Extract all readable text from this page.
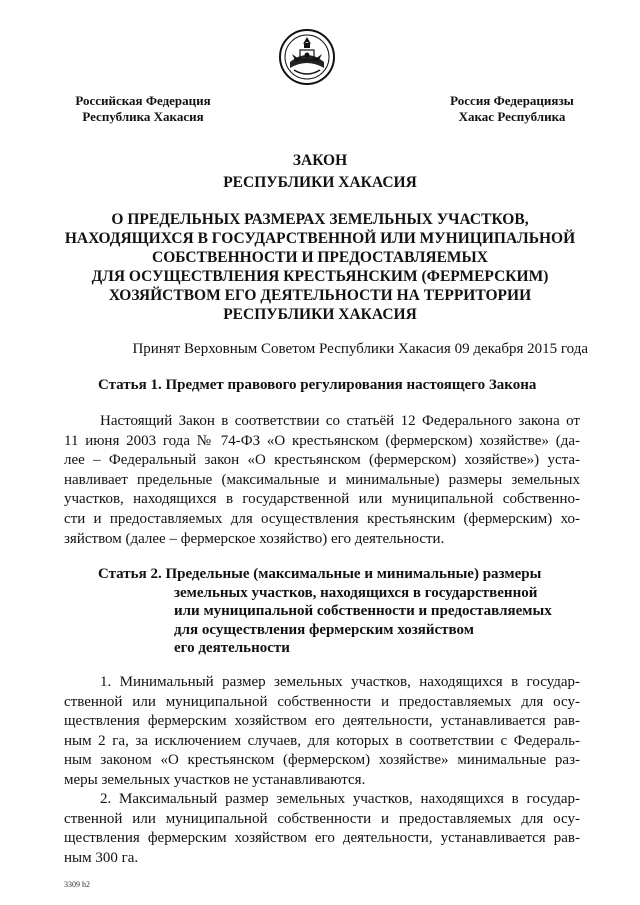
Российская Федерация
Республика Хакасия
Россия Федерациязы
Хакас Республика
ЗАКОН
РЕСПУБЛИКИ ХАКАСИЯ
О ПРЕДЕЛЬНЫХ РАЗМЕРАХ ЗЕМЕЛЬНЫХ УЧАСТКОВ,
НАХОДЯЩИХСЯ В ГОСУДАРСТВЕННОЙ ИЛИ МУНИЦИПАЛЬНОЙ
СОБСТВЕННОСТИ И ПРЕДОСТАВЛЯЕМЫХ
ДЛЯ ОСУЩЕСТВЛЕНИЯ КРЕСТЬЯНСКИМ (ФЕРМЕРСКИМ)
ХОЗЯЙСТВОМ ЕГО ДЕЯТЕЛЬНОСТИ НА ТЕРРИТОРИИ
РЕСПУБЛИКИ ХАКАСИЯ
Принят Верховным Советом Республики Хакасия 09 декабря 2015 года
Статья 1. Предмет правового регулирования настоящего Закона
Настоящий Закон в соответствии со статьёй 12 Федерального закона от
11 июня 2003 года № 74-ФЗ «О крестьянском (фермерском) хозяйстве» (да-
лее – Федеральный закон «О крестьянском (фермерском) хозяйстве») уста-
навливает предельные (максимальные и минимальные) размеры земельных
участков, находящихся в государственной или муниципальной собственно-
сти и предоставляемых для осуществления крестьянским (фермерским) хо-
зяйством (далее – фермерское хозяйство) его деятельности.
Статья 2. Предельные (максимальные и минимальные) размеры
земельных участков, находящихся в государственной
или муниципальной собственности и предоставляемых
для осуществления фермерским хозяйством
его деятельности
1. Минимальный размер земельных участков, находящихся в государ-
ственной или муниципальной собственности и предоставляемых для осу-
ществления фермерским хозяйством его деятельности, устанавливается рав-
ным 2 га, за исключением случаев, для которых в соответствии с Федераль-
ным законом «О крестьянском (фермерском) хозяйстве» минимальные раз-
меры земельных участков не устанавливаются.
2. Максимальный размер земельных участков, находящихся в государ-
ственной или муниципальной собственности и предоставляемых для осу-
ществления фермерским хозяйством его деятельности, устанавливается рав-
ным 300 га.
3309 h2
